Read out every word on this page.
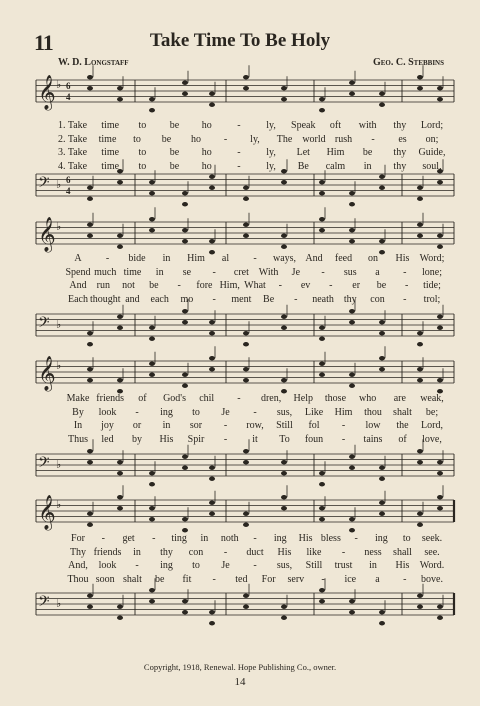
11	Take Time To Be Holy
W. D. Longstaff	Geo. C. Stebbins
𝄞 ♭ 6
4
𝄢 ♭ 6
4
𝄞 ♭
𝄢 ♭
𝄞 ♭
𝄢 ♭
𝄞 ♭
𝄢 ♭
1. Take time to be ho	-	ly, Speak oft with thy Lord;
2. Take time to be ho - ly, The world rush - es on;
3. Take time to be ho	-	ly, Let Him be thy Guide,
4. Take time to be ho	-	ly, Be calm in thy soul,
A - bide in Him al - ways, And feed on His Word;
Spend much time in se - cret With Je - sus a - lone;
And run not be - fore Him, What - ev - er be - tide;
Each thought and each mo - ment Be - neath thy con - trol;
Make friends of God's chil - dren, Help those who are weak,
By look - ing to Je - sus, Like Him thou shalt be;
In joy or in sor - row, Still fol - low the Lord,
Thus led by His Spir -	it To foun - tains of love,
For - get - ting in noth - ing His bless - ing to seek.
Thy friends in thy con - duct His like - ness shall see.
And, look - ing to Je - sus, Still trust in His Word.
Thou soon shalt be fit - ted For serv - ice a - bove.
Copyright, 1918, Renewal. Hope Publishing Co., owner.
14
